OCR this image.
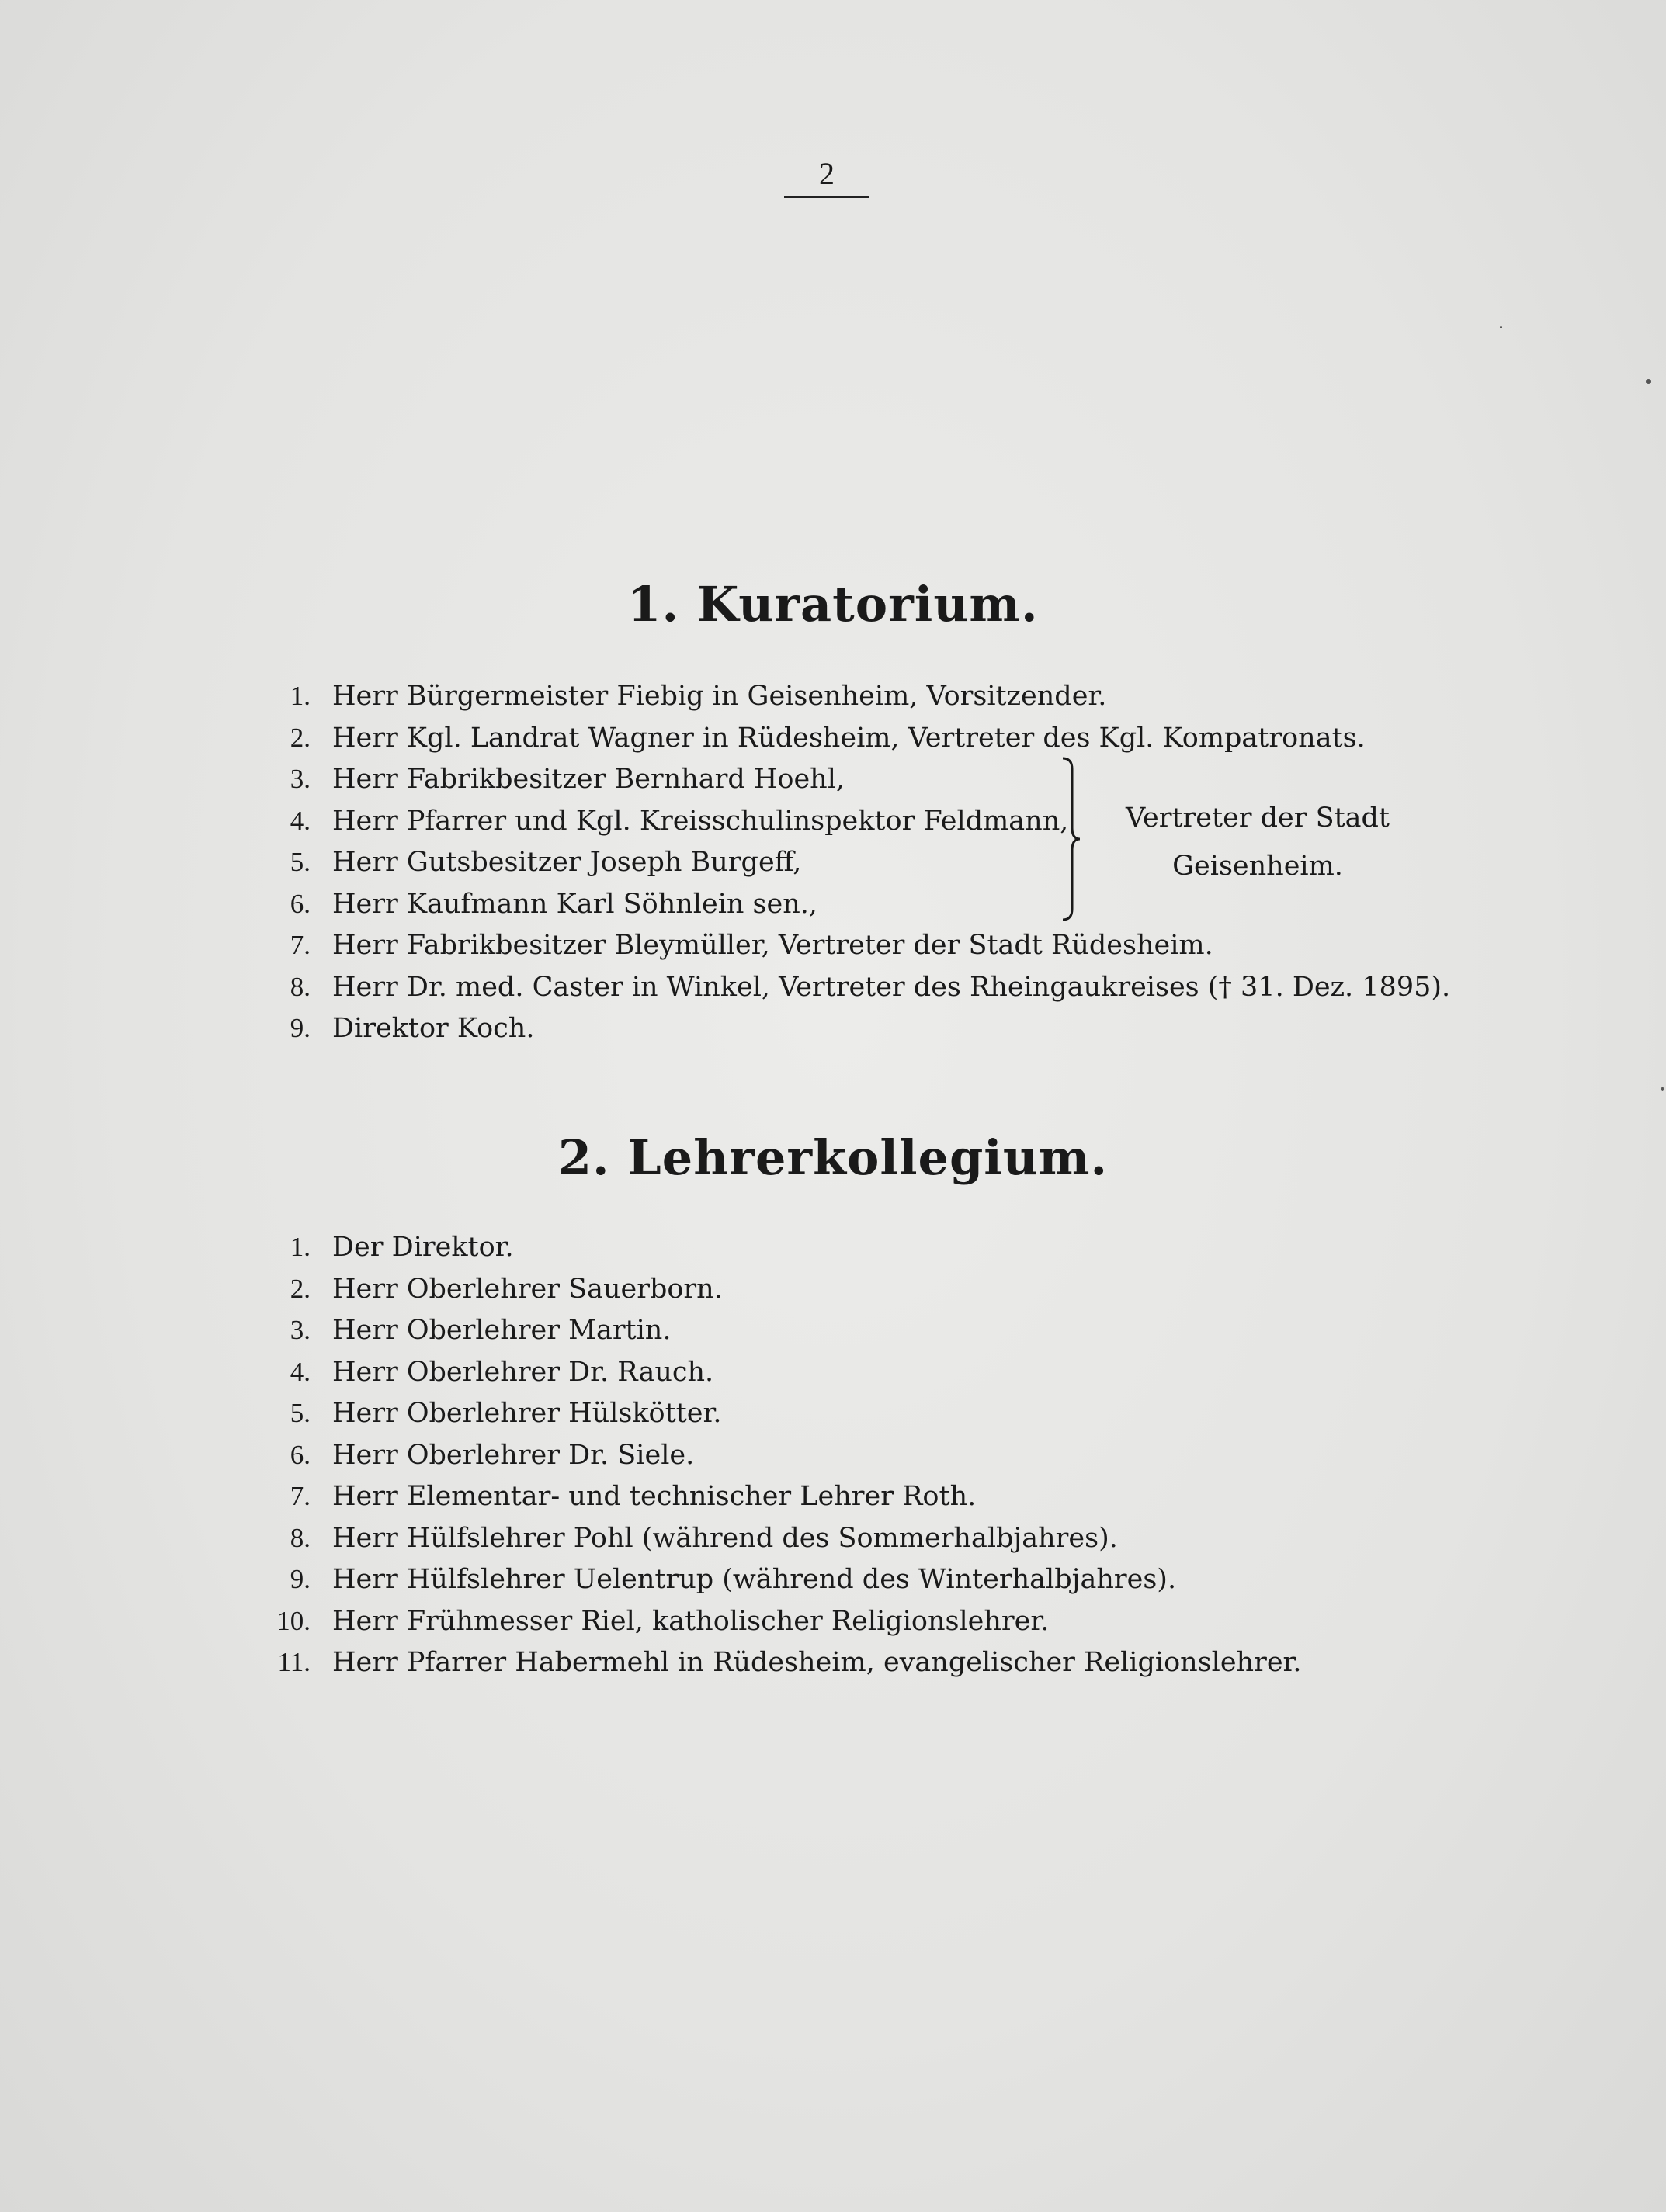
2
1. Kuratorium.
1. Herr Bürgermeister Fiebig in Geisenheim, Vorsitzender.
2. Herr Kgl. Landrat Wagner in Rüdesheim, Vertreter des Kgl. Kompatronats.
3. Herr Fabrikbesitzer Bernhard Hoehl,
4. Herr Pfarrer und Kgl. Kreisschulinspektor Feldmann,
5. Herr Gutsbesitzer Joseph Burgeff,
6. Herr Kaufmann Karl Söhnlein sen.,
7. Herr Fabrikbesitzer Bleymüller, Vertreter der Stadt Rüdesheim.
8. Herr Dr. med. Caster in Winkel, Vertreter des Rheingaukreises († 31. Dez. 1895).
9. Direktor Koch.
Vertreter der Stadt
Geisenheim.
2. Lehrerkollegium.
1. Der Direktor.
2. Herr Oberlehrer Sauerborn.
3. Herr Oberlehrer Martin.
4. Herr Oberlehrer Dr. Rauch.
5. Herr Oberlehrer Hülskötter.
6. Herr Oberlehrer Dr. Siele.
7. Herr Elementar- und technischer Lehrer Roth.
8. Herr Hülfslehrer Pohl (während des Sommerhalbjahres).
9. Herr Hülfslehrer Uelentrup (während des Winterhalbjahres).
10. Herr Frühmesser Riel, katholischer Religionslehrer.
11. Herr Pfarrer Habermehl in Rüdesheim, evangelischer Religionslehrer.
